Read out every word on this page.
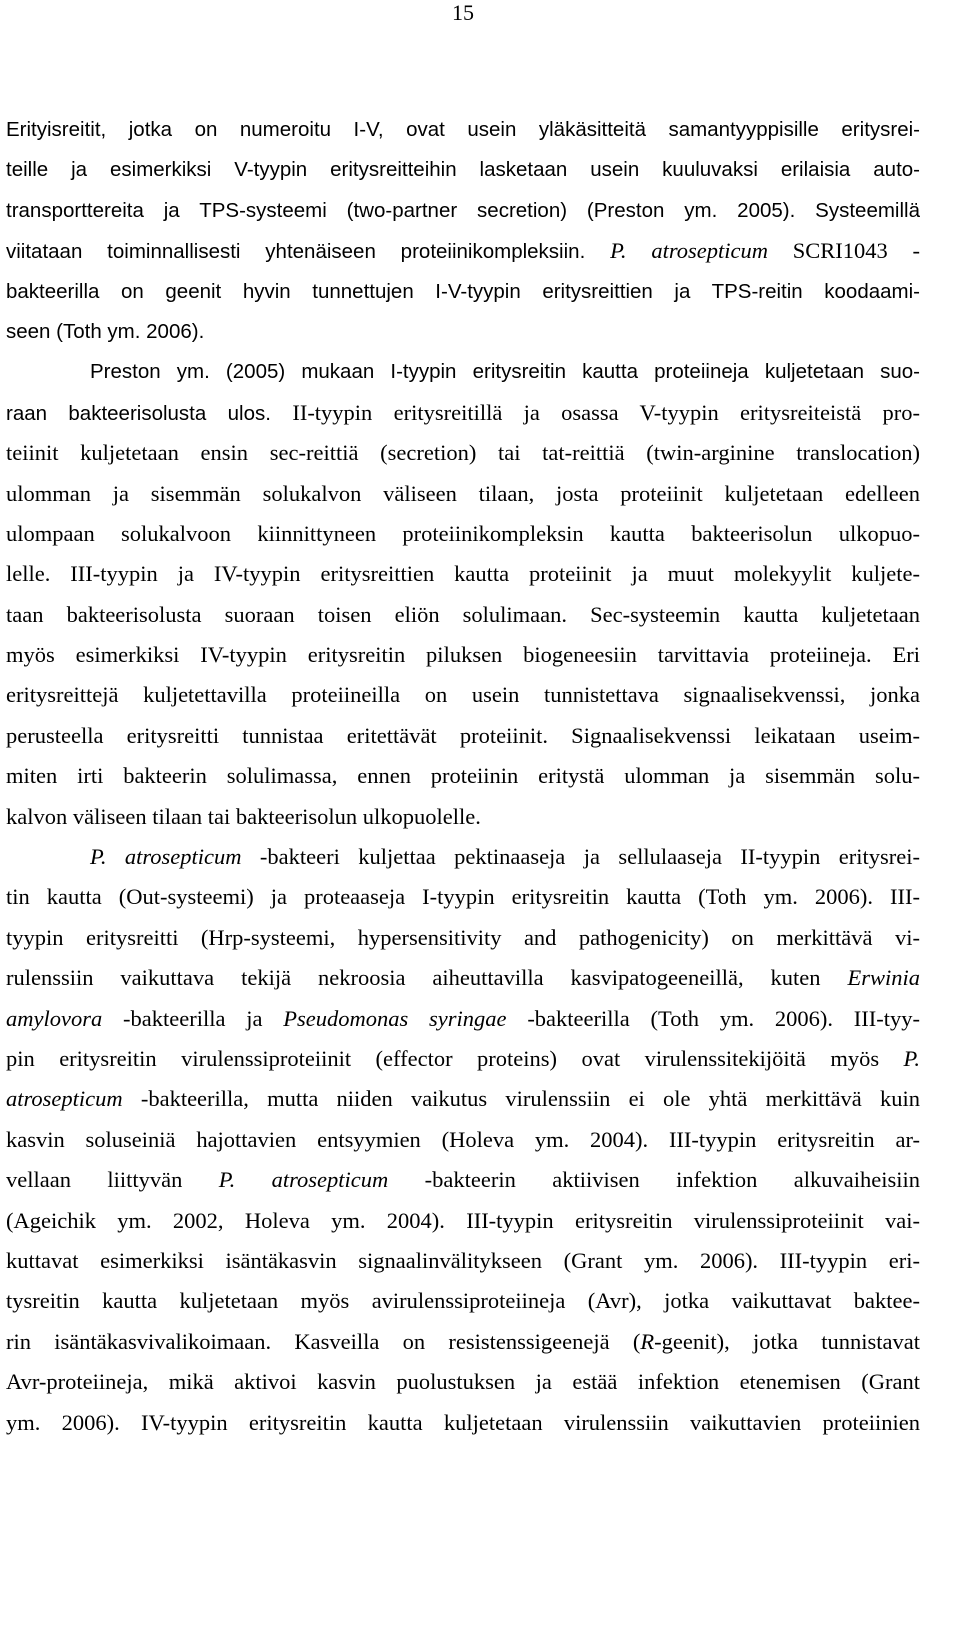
15
Erityisreitit, jotka on numeroitu I-V, ovat usein yläkäsitteitä samantyyppisille eritysrei-
teille ja esimerkiksi V-tyypin eritysreitteihin lasketaan usein kuuluvaksi erilaisia auto-
transporttereita ja TPS-systeemi (two-partner secretion) (Preston ym. 2005). Systeemillä
viitataan toiminnallisesti yhtenäiseen proteiinikompleksiin. P. atrosepticum SCRI1043 -
bakteerilla on geenit hyvin tunnettujen I-V-tyypin eritysreittien ja TPS-reitin koodaami-
seen (Toth ym. 2006).
Preston ym. (2005) mukaan I-tyypin eritysreitin kautta proteiineja kuljetetaan suo-
raan bakteerisolusta ulos. II-tyypin eritysreitillä ja osassa V-tyypin eritysreiteistä pro-
teiinit kuljetetaan ensin sec-reittiä (secretion) tai tat-reittiä (twin-arginine translocation)
ulomman ja sisemmän solukalvon väliseen tilaan, josta proteiinit kuljetetaan edelleen
ulompaan solukalvoon kiinnittyneen proteiinikompleksin kautta bakteerisolun ulkopuo-
lelle. III-tyypin ja IV-tyypin eritysreittien kautta proteiinit ja muut molekyylit kuljete-
taan bakteerisolusta suoraan toisen eliön solulimaan. Sec-systeemin kautta kuljetetaan
myös esimerkiksi IV-tyypin eritysreitin piluksen biogeneesiin tarvittavia proteiineja. Eri
eritysreittejä kuljetettavilla proteiineilla on usein tunnistettava signaalisekvenssi, jonka
perusteella eritysreitti tunnistaa eritettävät proteiinit. Signaalisekvenssi leikataan useim-
miten irti bakteerin solulimassa, ennen proteiinin eritystä ulomman ja sisemmän solu-
kalvon väliseen tilaan tai bakteerisolun ulkopuolelle.
P. atrosepticum -bakteeri kuljettaa pektinaaseja ja sellulaaseja II-tyypin eritysrei-
tin kautta (Out-systeemi) ja proteaaseja I-tyypin eritysreitin kautta (Toth ym. 2006). III-
tyypin eritysreitti (Hrp-systeemi, hypersensitivity and pathogenicity) on merkittävä vi-
rulenssiin vaikuttava tekijä nekroosia aiheuttavilla kasvipatogeeneillä, kuten Erwinia
amylovora -bakteerilla ja Pseudomonas syringae -bakteerilla (Toth ym. 2006). III-tyy-
pin eritysreitin virulenssiproteiinit (effector proteins) ovat virulenssitekijöitä myös P.
atrosepticum -bakteerilla, mutta niiden vaikutus virulenssiin ei ole yhtä merkittävä kuin
kasvin soluseiniä hajottavien entsyymien (Holeva ym. 2004). III-tyypin eritysreitin ar-
vellaan liittyvän P. atrosepticum -bakteerin aktiivisen infektion alkuvaiheisiin
(Ageichik ym. 2002, Holeva ym. 2004). III-tyypin eritysreitin virulenssiproteiinit vai-
kuttavat esimerkiksi isäntäkasvin signaalinvälitykseen (Grant ym. 2006). III-tyypin eri-
tysreitin kautta kuljetetaan myös avirulenssiproteiineja (Avr), jotka vaikuttavat baktee-
rin isäntäkasvivalikoimaan. Kasveilla on resistenssigeenejä (R-geenit), jotka tunnistavat
Avr-proteiineja, mikä aktivoi kasvin puolustuksen ja estää infektion etenemisen (Grant
ym. 2006). IV-tyypin eritysreitin kautta kuljetetaan virulenssiin vaikuttavien proteiinien
